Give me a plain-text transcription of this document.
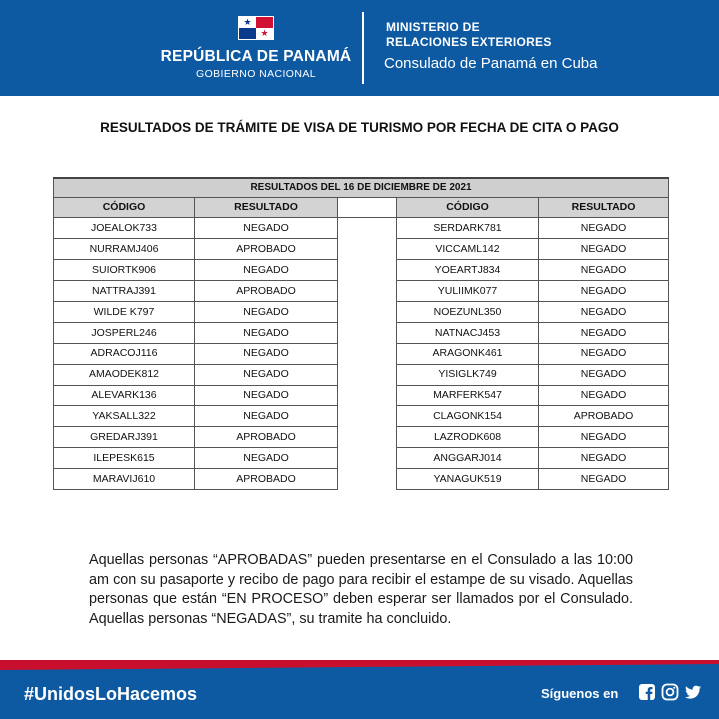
★
★
REPÚBLICA DE PANAMÁ
GOBIERNO NACIONAL
MINISTERIO DE
RELACIONES EXTERIORES
Consulado de Panamá en Cuba
RESULTADOS DE TRÁMITE DE VISA DE TURISMO POR FECHA DE CITA O PAGO
RESULTADOS DEL 16 DE DICIEMBRE DE 2021				
CÓDIGO	RESULTADO		CÓDIGO	RESULTADO
JOEALOK733	NEGADO		SERDARK781	NEGADO
NURRAMJ406	APROBADO		VICCAML142	NEGADO
SUIORTK906	NEGADO		YOEARTJ834	NEGADO
NATTRAJ391	APROBADO		YULIIMK077	NEGADO
WILDE K797	NEGADO		NOEZUNL350	NEGADO
JOSPERL246	NEGADO		NATNACJ453	NEGADO
ADRACOJ116	NEGADO		ARAGONK461	NEGADO
AMAODEK812	NEGADO		YISIGLK749	NEGADO
ALEVARK136	NEGADO		MARFERK547	NEGADO
YAKSALL322	NEGADO		CLAGONK154	APROBADO
GREDARJ391	APROBADO		LAZRODK608	NEGADO
ILEPESK615	NEGADO		ANGGARJ014	NEGADO
MARAVIJ610	APROBADO		YANAGUK519	NEGADO
Aquellas personas “APROBADAS” pueden presentarse en el Consulado a las 10:00 am con su pasaporte y recibo de pago para recibir el estampe de su visado. Aquellas personas que están “EN PROCESO” deben esperar ser llamados por el Consulado. Aquellas personas “NEGADAS”, su tramite ha concluido.
#UnidosLoHacemos	Síguenos en
